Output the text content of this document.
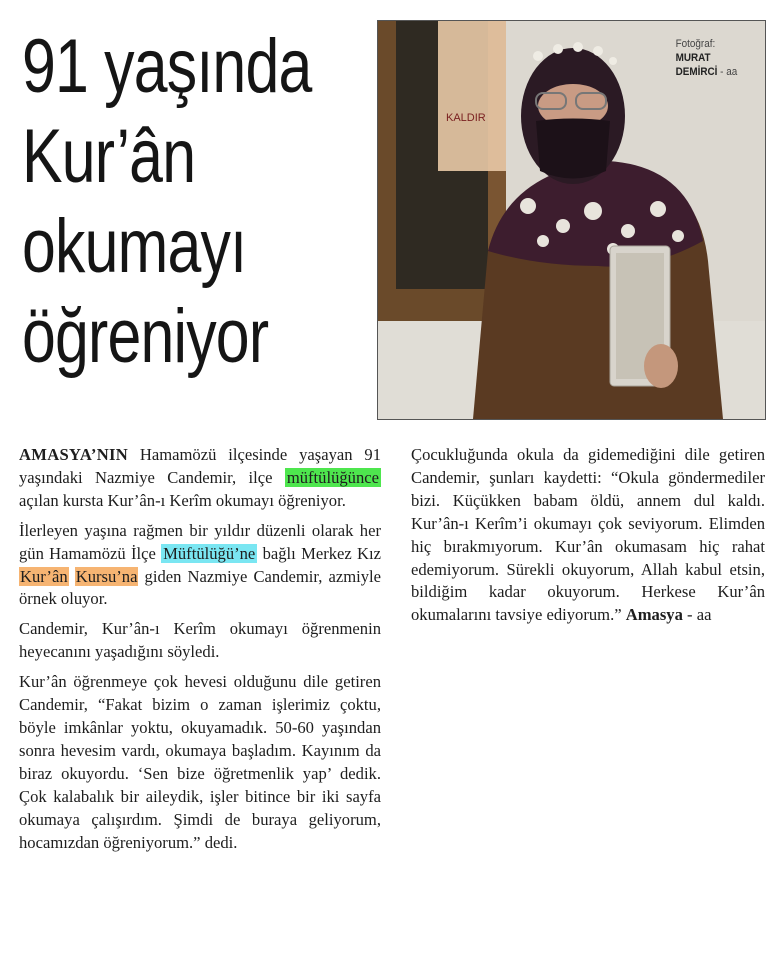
91 yaşında
Kur’ân
okumayı
öğreniyor
KALDIR
Fotoğraf:
MURAT
DEMİRCİ - aa

AMASYA’NIN Hamamözü ilçesinde yaşayan 91 yaşındaki Nazmiye Candemir, ilçe müftülüğünce açılan kursta Kur’ân-ı Kerîm okumayı öğreniyor.

İlerleyen yaşına rağmen bir yıldır düzenli olarak her gün Hamamözü İlçe Müftülüğü’ne bağlı Merkez Kız Kur’ân Kursu’na giden Nazmiye Candemir, azmiyle örnek oluyor.

Candemir, Kur’ân-ı Kerîm okumayı öğrenmenin heyecanını yaşadığını söyledi.

Kur’ân öğrenmeye çok hevesi olduğunu dile getiren Candemir, “Fakat bizim o zaman işlerimiz çoktu, böyle imkânlar yoktu, okuyamadık. 50-60 yaşından sonra hevesim vardı, okumaya başladım. Kayınım da biraz okuyordu. ‘Sen bize öğretmenlik yap’ dedik. Çok kalabalık bir aileydik, işler bitince bir iki sayfa okumaya çalışırdım. Şimdi de buraya geliyorum, hocamızdan öğreniyorum.” dedi.

Çocukluğunda okula da gidemediğini dile getiren Candemir, şunları kaydetti: “Okula göndermediler bizi. Küçükken babam öldü, annem dul kaldı. Kur’ân-ı Kerîm’i okumayı çok seviyorum. Elimden hiç bırakmıyorum. Kur’ân okumasam hiç rahat edemiyorum. Sürekli okuyorum, Allah kabul etsin, bildiğim kadar okuyorum. Herkese Kur’ân okumalarını tavsiye ediyorum.” Amasya - aa
